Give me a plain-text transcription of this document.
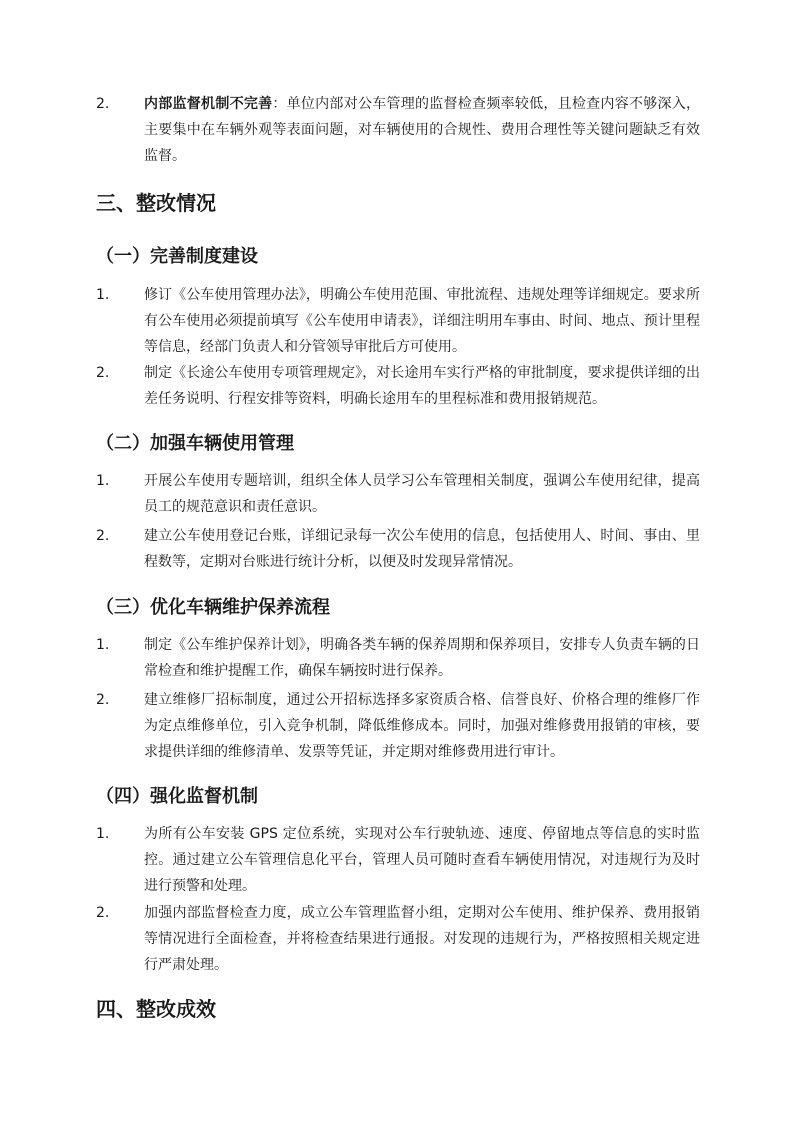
2.	内部监督机制不完善：单位内部对公车管理的监督检查频率较低，且检查内容不够深入，主要集中在车辆外观等表面问题，对车辆使用的合规性、费用合理性等关键问题缺乏有效监督。
三、整改情况
（一）完善制度建设
1.	修订《公车使用管理办法》，明确公车使用范围、审批流程、违规处理等详细规定。要求所有公车使用必须提前填写《公车使用申请表》，详细注明用车事由、时间、地点、预计里程等信息，经部门负责人和分管领导审批后方可使用。
2.	制定《长途公车使用专项管理规定》，对长途用车实行严格的审批制度，要求提供详细的出差任务说明、行程安排等资料，明确长途用车的里程标准和费用报销规范。
（二）加强车辆使用管理
1.	开展公车使用专题培训，组织全体人员学习公车管理相关制度，强调公车使用纪律，提高员工的规范意识和责任意识。
2.	建立公车使用登记台账，详细记录每一次公车使用的信息，包括使用人、时间、事由、里程数等，定期对台账进行统计分析，以便及时发现异常情况。
（三）优化车辆维护保养流程
1.	制定《公车维护保养计划》，明确各类车辆的保养周期和保养项目，安排专人负责车辆的日常检查和维护提醒工作，确保车辆按时进行保养。
2.	建立维修厂招标制度，通过公开招标选择多家资质合格、信誉良好、价格合理的维修厂作为定点维修单位，引入竞争机制，降低维修成本。同时，加强对维修费用报销的审核，要求提供详细的维修清单、发票等凭证，并定期对维修费用进行审计。
（四）强化监督机制
1.	为所有公车安装 GPS 定位系统，实现对公车行驶轨迹、速度、停留地点等信息的实时监控。通过建立公车管理信息化平台，管理人员可随时查看车辆使用情况，对违规行为及时进行预警和处理。
2.	加强内部监督检查力度，成立公车管理监督小组，定期对公车使用、维护保养、费用报销等情况进行全面检查，并将检查结果进行通报。对发现的违规行为，严格按照相关规定进行严肃处理。
四、整改成效
